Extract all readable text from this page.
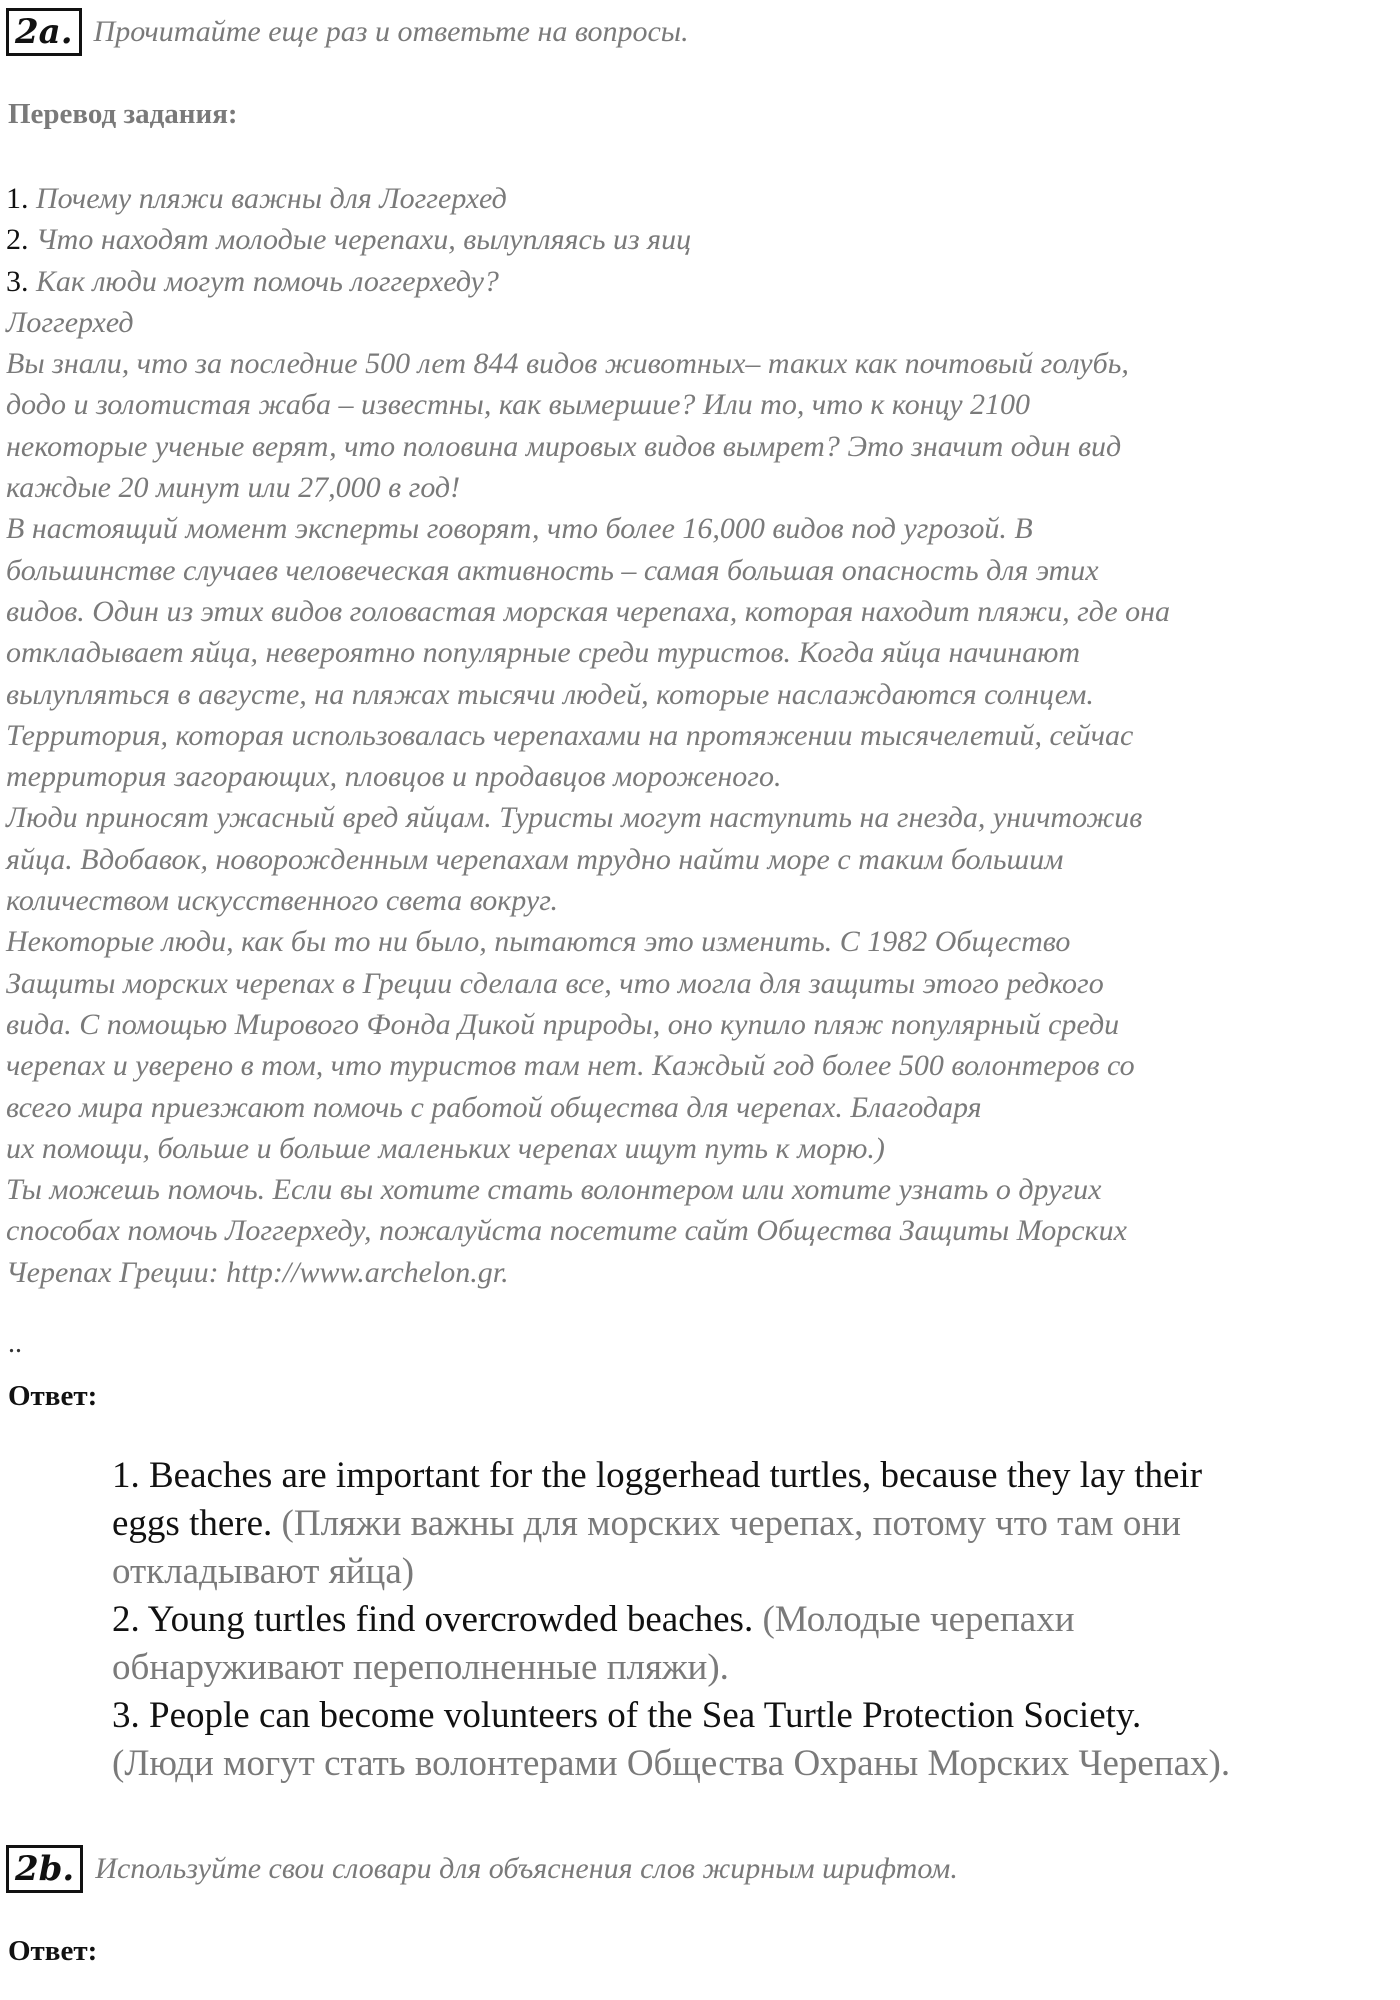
2a. Прочитайте еще раз и ответьте на вопросы.
Перевод задания:
1. Почему пляжи важны для Логгерхед
2. Что находят молодые черепахи, вылупляясь из яиц
3. Как люди могут помочь логгерхеду?
Логгерхед
Вы знали, что за последние 500 лет 844 видов животных– таких как почтовый голубь,
додо и золотистая жаба – известны, как вымершие? Или то, что к концу 2100
некоторые ученые верят, что половина мировых видов вымрет? Это значит один вид
каждые 20 минут или 27,000 в год!
В настоящий момент эксперты говорят, что более 16,000 видов под угрозой. В
большинстве случаев человеческая активность – самая большая опасность для этих
видов. Один из этих видов головастая морская черепаха, которая находит пляжи, где она
откладывает яйца, невероятно популярные среди туристов. Когда яйца начинают
вылупляться в августе, на пляжах тысячи людей, которые наслаждаются солнцем.
Территория, которая использовалась черепахами на протяжении тысячелетий, сейчас
территория загорающих, пловцов и продавцов мороженого.
Люди приносят ужасный вред яйцам. Туристы могут наступить на гнезда, уничтожив
яйца. Вдобавок, новорожденным черепахам трудно найти море с таким большим
количеством искусственного света вокруг.
Некоторые люди, как бы то ни было, пытаются это изменить. С 1982 Общество
Защиты морских черепах в Греции сделала все, что могла для защиты этого редкого
вида. С помощью Мирового Фонда Дикой природы, оно купило пляж популярный среди
черепах и уверено в том, что туристов там нет. Каждый год более 500 волонтеров со
всего мира приезжают помочь с работой общества для черепах. Благодаря
их помощи, больше и больше маленьких черепах ищут путь к морю.)
Ты можешь помочь. Если вы хотите стать волонтером или хотите узнать о других
способах помочь Логгерхеду, пожалуйста посетите сайт Общества Защиты Морских
Черепах Греции: http://www.archelon.gr.
..
Ответ:
1. Beaches are important for the loggerhead turtles, because they lay their
eggs there. (Пляжи важны для морских черепах, потому что там они
откладывают яйца)
2. Young turtles find overcrowded beaches. (Молодые черепахи
обнаруживают переполненные пляжи).
3. People can become volunteers of the Sea Turtle Protection Society.
(Люди могут стать волонтерами Общества Охраны Морских Черепах).
2b. Используйте свои словари для объяснения слов жирным шрифтом.
Ответ:
